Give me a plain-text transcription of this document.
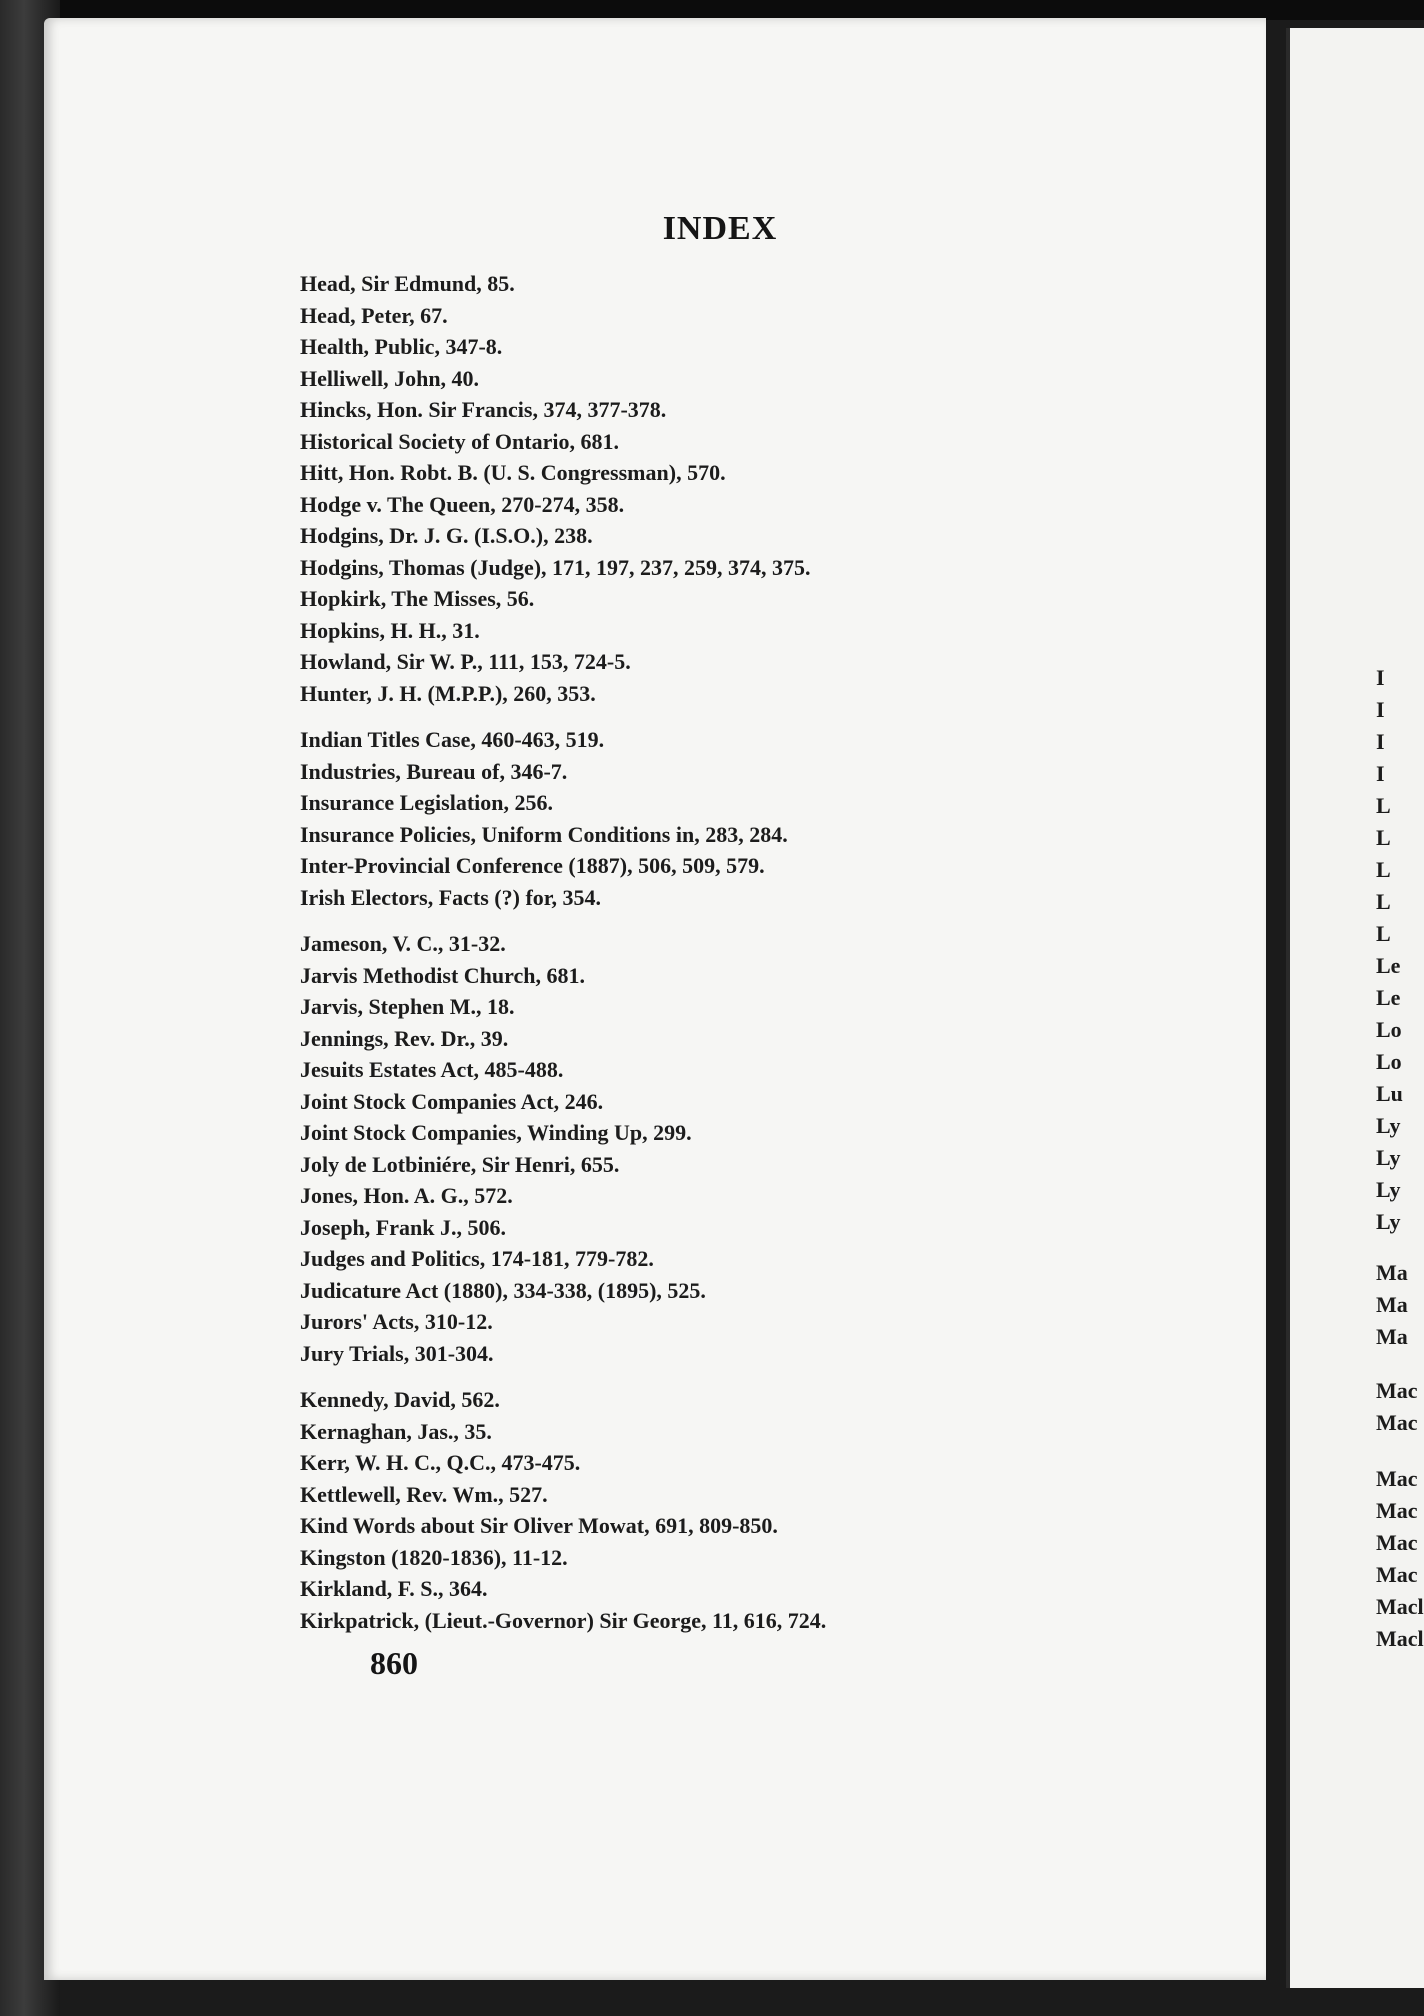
INDEX
Head, Sir Edmund, 85.
Head, Peter, 67.
Health, Public, 347-8.
Helliwell, John, 40.
Hincks, Hon. Sir Francis, 374, 377-378.
Historical Society of Ontario, 681.
Hitt, Hon. Robt. B. (U. S. Congressman), 570.
Hodge v. The Queen, 270-274, 358.
Hodgins, Dr. J. G. (I.S.O.), 238.
Hodgins, Thomas (Judge), 171, 197, 237, 259, 374, 375.
Hopkirk, The Misses, 56.
Hopkins, H. H., 31.
Howland, Sir W. P., 111, 153, 724-5.
Hunter, J. H. (M.P.P.), 260, 353.
Indian Titles Case, 460-463, 519.
Industries, Bureau of, 346-7.
Insurance Legislation, 256.
Insurance Policies, Uniform Conditions in, 283, 284.
Inter-Provincial Conference (1887), 506, 509, 579.
Irish Electors, Facts (?) for, 354.
Jameson, V. C., 31-32.
Jarvis Methodist Church, 681.
Jarvis, Stephen M., 18.
Jennings, Rev. Dr., 39.
Jesuits Estates Act, 485-488.
Joint Stock Companies Act, 246.
Joint Stock Companies, Winding Up, 299.
Joly de Lotbiniére, Sir Henri, 655.
Jones, Hon. A. G., 572.
Joseph, Frank J., 506.
Judges and Politics, 174-181, 779-782.
Judicature Act (1880), 334-338, (1895), 525.
Jurors' Acts, 310-12.
Jury Trials, 301-304.
Kennedy, David, 562.
Kernaghan, Jas., 35.
Kerr, W. H. C., Q.C., 473-475.
Kettlewell, Rev. Wm., 527.
Kind Words about Sir Oliver Mowat, 691, 809-850.
Kingston (1820-1836), 11-12.
Kirkland, F. S., 364.
Kirkpatrick, (Lieut.-Governor) Sir George, 11, 616, 724.
860
I
I
I
I
L
L
L
L
L
Le
Le
Lo
Lo
Lu
Ly
Ly
Ly
Ly
Ma
Ma
Ma
Mac
Mac
Mac
Mac
Mac
Mac
Macl
Macl
